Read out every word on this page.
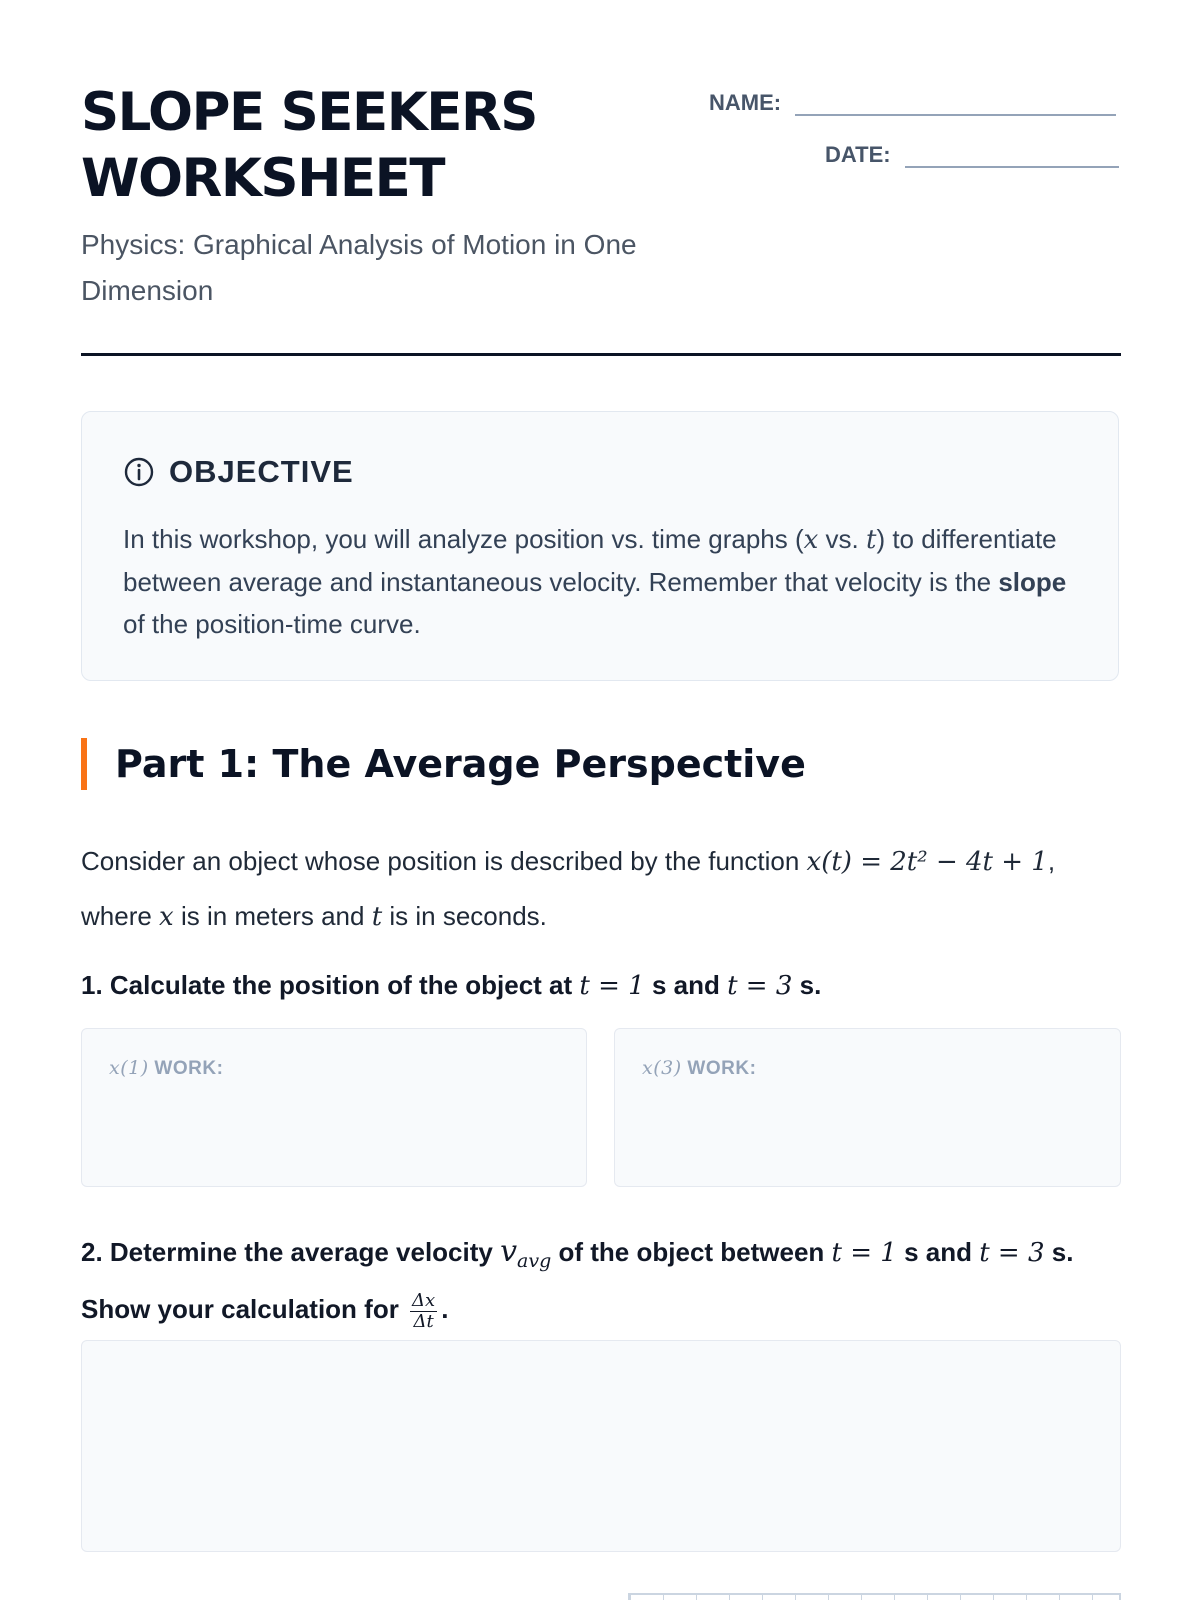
SLOPE SEEKERS
WORKSHEET
Physics: Graphical Analysis of Motion in One Dimension
NAME:
DATE:
OBJECTIVE
In this workshop, you will analyze position vs. time graphs (x vs. t) to differentiate between average and instantaneous velocity. Remember that velocity is the slope of the position-time curve.
Part 1: The Average Perspective
Consider an object whose position is described by the function x(t) = 2t² − 4t + 1, where x is in meters and t is in seconds.
1. Calculate the position of the object at t = 1 s and t = 3 s.
x(1) WORK:	x(3) WORK:
2. Determine the average velocity $v_{avg}$ of the object between t = 1 s and t = 3 s. Show your calculation for $\frac{\Delta x}{\Delta t}$ .
